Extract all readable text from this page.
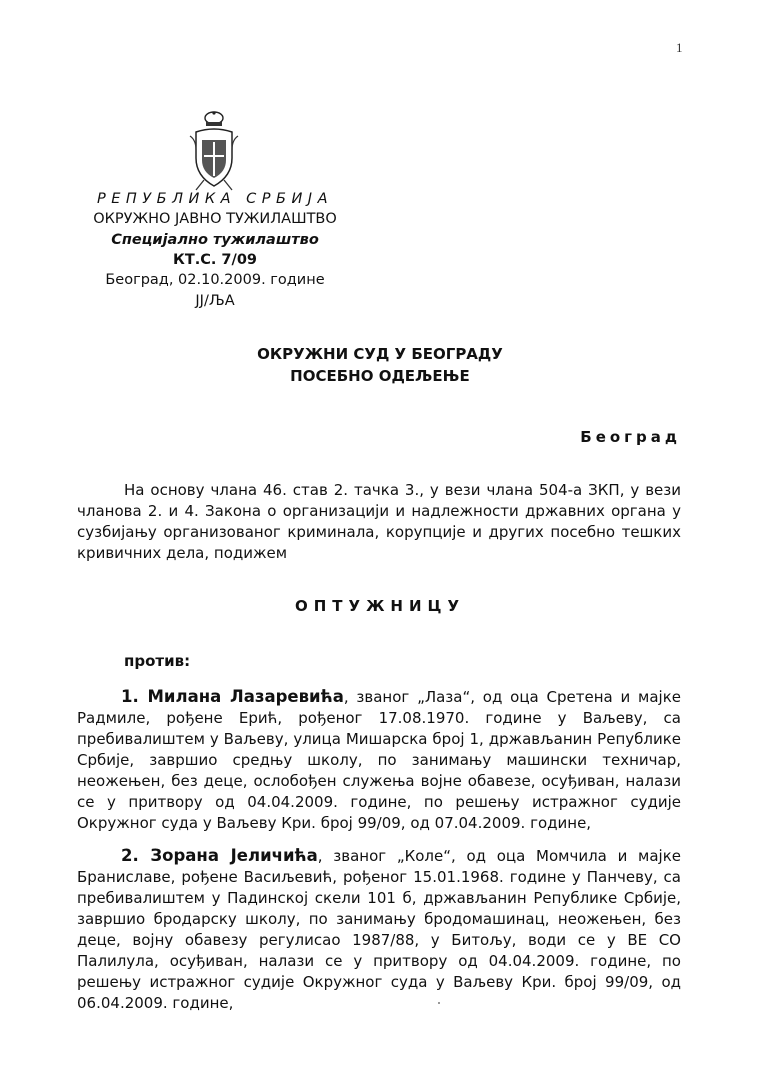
1
РЕПУБЛИКА СРБИЈА
ОКРУЖНО ЈАВНО ТУЖИЛАШТВО
Специјално тужилаштво
КТ.С. 7/09
Београд, 02.10.2009. године
ЈЈ/ЉА
ОКРУЖНИ СУД У БЕОГРАДУ
ПОСЕБНО ОДЕЉЕЊЕ
Београд
На основу члана 46. став 2. тачка 3., у вези члана 504-а ЗКП, у вези чланова 2. и 4. Закона о организацији и надлежности државних органа у сузбијању организованог криминала, корупције и других посебно тешких кривичних дела, подижем
ОПТУЖНИЦУ
против:
1. Милана Лазаревића, званог „Лаза“, од оца Сретена и мајке Радмиле, рођене Ерић, рођеног 17.08.1970. године у Ваљеву, са пребивалиштем у Ваљеву, улица Мишарска број 1, држављанин Републике Србије, завршио средњу школу, по занимању машински техничар, неожењен, без деце, ослобођен служења војне обавезе, осуђиван, налази се у притвору од 04.04.2009. године, по решењу истражног судије Окружног суда у Ваљеву Кри. број 99/09, од 07.04.2009. године,
2. Зорана Јеличића, званог „Коле“, од оца Момчила и мајке Браниславе, рођене Васиљевић, рођеног 15.01.1968. године у Панчеву, са пребивалиштем у Падинској скели 101 б, држављанин Републике Србије, завршио бродарску школу, по занимању бродомашинац, неожењен, без деце, војну обавезу регулисао 1987/88, у Битољу, води се у ВЕ СО Палилула, осуђиван, налази се у притвору од 04.04.2009. године, по решењу истражног судије Окружног суда у Ваљеву Кри. број 99/09, од 06.04.2009. године,
